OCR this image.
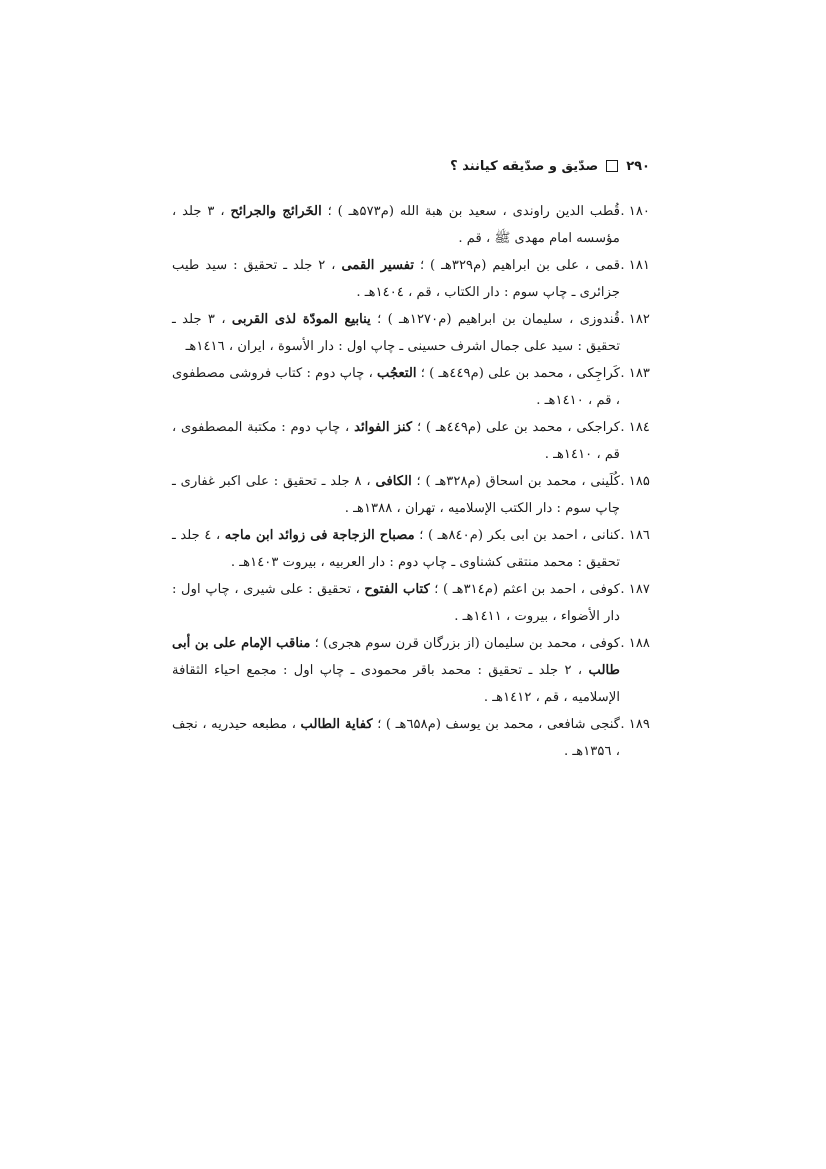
۲۹۰
صدّیق و صدّیقه کیانند ؟

۱۸۰ .
قُطب الدین راوندی ، سعید بن هبة الله (م۵۷۳هـ ) ؛ الخَرائج والجرائح ، ۳ جلد ، مؤسسه امام مهدی ﷺ ، قم .

۱۸۱ .
قمی ، علی بن ابراهیم (م۳۲۹هـ ) ؛ تفسیر القمی ، ۲ جلد ـ تحقیق : سید طیب جزائری ـ چاپ سوم : دار الکتاب ، قم ، ۱٤۰٤هـ .

۱۸۲ .
قُندوزی ، سلیمان بن ابراهیم (م۱۲۷۰هـ ) ؛ ینابیع المودّة لذی القربی ، ۳ جلد ـ تحقیق : سید علی جمال اشرف حسینی ـ چاپ اول : دار الأسوة ، ایران ، ۱٤۱٦هـ

۱۸۳ .
کَراجِکی ، محمد بن علی (م٤٤٩هـ ) ؛ التعجُب ، چاپ دوم : کتاب فروشی مصطفوی ، قم ، ۱٤۱۰هـ .

۱۸٤ .
کراجکی ، محمد بن علی (م٤٤٩هـ ) ؛ کنز الفوائد ، چاپ دوم : مکتبة المصطفوی ، قم ، ۱٤۱۰هـ .

۱۸۵ .
کُلَینی ، محمد بن اسحاق (م۳۲۸هـ ) ؛ الکافی ، ۸ جلد ـ تحقیق : علی اکبر غفاری ـ چاپ سوم : دار الکتب الإسلامیه ، تهران ، ۱۳۸۸هـ .

۱۸٦ .
کنانی ، احمد بن ابی بکر (م۸٤۰هـ ) ؛ مصباح الزجاجة فی زوائد ابن ماجه ، ٤ جلد ـ تحقیق : محمد منتقی کشناوی ـ چاپ دوم : دار العربیه ، بیروت ۱٤۰۳هـ .

۱۸۷ .
کوفی ، احمد بن اعثم (م۳۱٤هـ ) ؛ کتاب الفتوح ، تحقیق : علی شیری ، چاپ اول : دار الأضواء ، بیروت ، ۱٤۱۱هـ .

۱۸۸ .
کوفی ، محمد بن سلیمان (از بزرگان قرن سوم هجری) ؛ مناقب الإمام علی بن أبی طالب ، ۲ جلد ـ تحقیق : محمد باقر محمودی ـ چاپ اول : مجمع احیاء الثقافة الإسلامیه ، قم ، ۱٤۱۲هـ .

۱۸۹ .
گنجی شافعی ، محمد بن یوسف (م٦۵۸هـ ) ؛ کفایة الطالب ، مطبعه حیدریه ، نجف ، ۱۳۵٦هـ .
